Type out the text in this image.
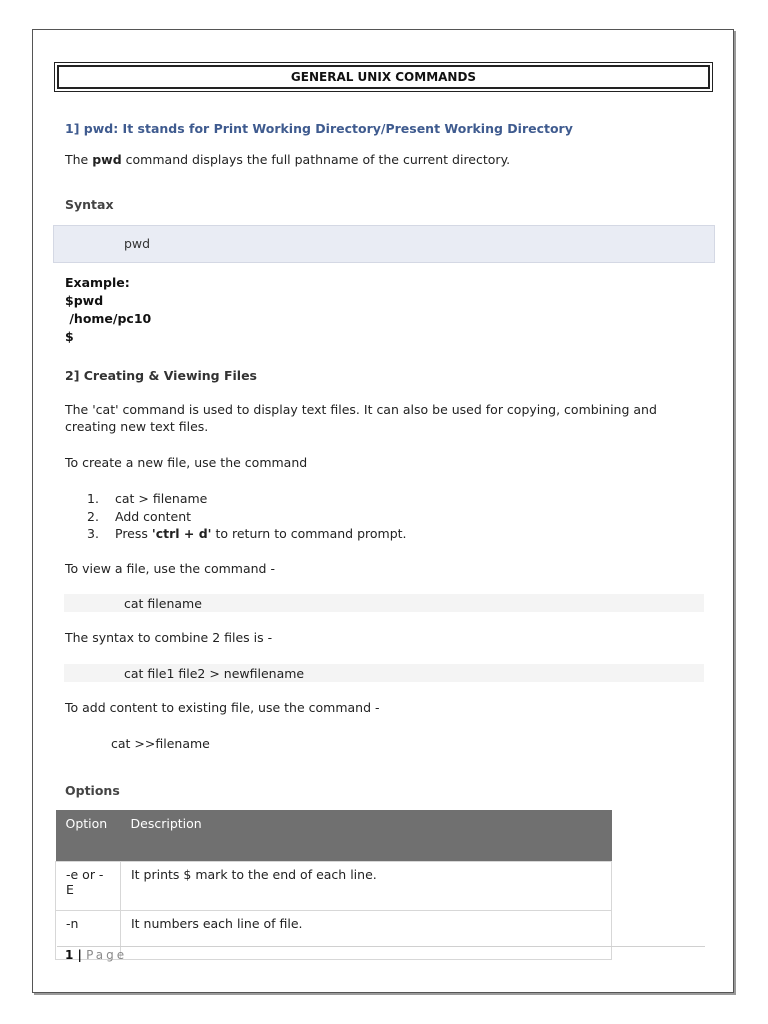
GENERAL UNIX COMMANDS
1] pwd: It stands for Print Working Directory/Present Working Directory
The pwd command displays the full pathname of the current directory.
Syntax
pwd
Example:
$pwd
/home/pc10
$
2] Creating & Viewing Files
The 'cat' command is used to display text files. It can also be used for copying, combining and
creating new text files.
To create a new file, use the command
1.	cat > filename
2.	Add content
3.	Press 'ctrl + d' to return to command prompt.
To view a file, use the command -
cat filename
The syntax to combine 2 files is -
cat file1 file2 > newfilename
To add content to existing file, use the command -
cat >>filename
Options
Option	Description
-e or -E	It prints $ mark to the end of each line.
-n	It numbers each line of file.
1 | Page
